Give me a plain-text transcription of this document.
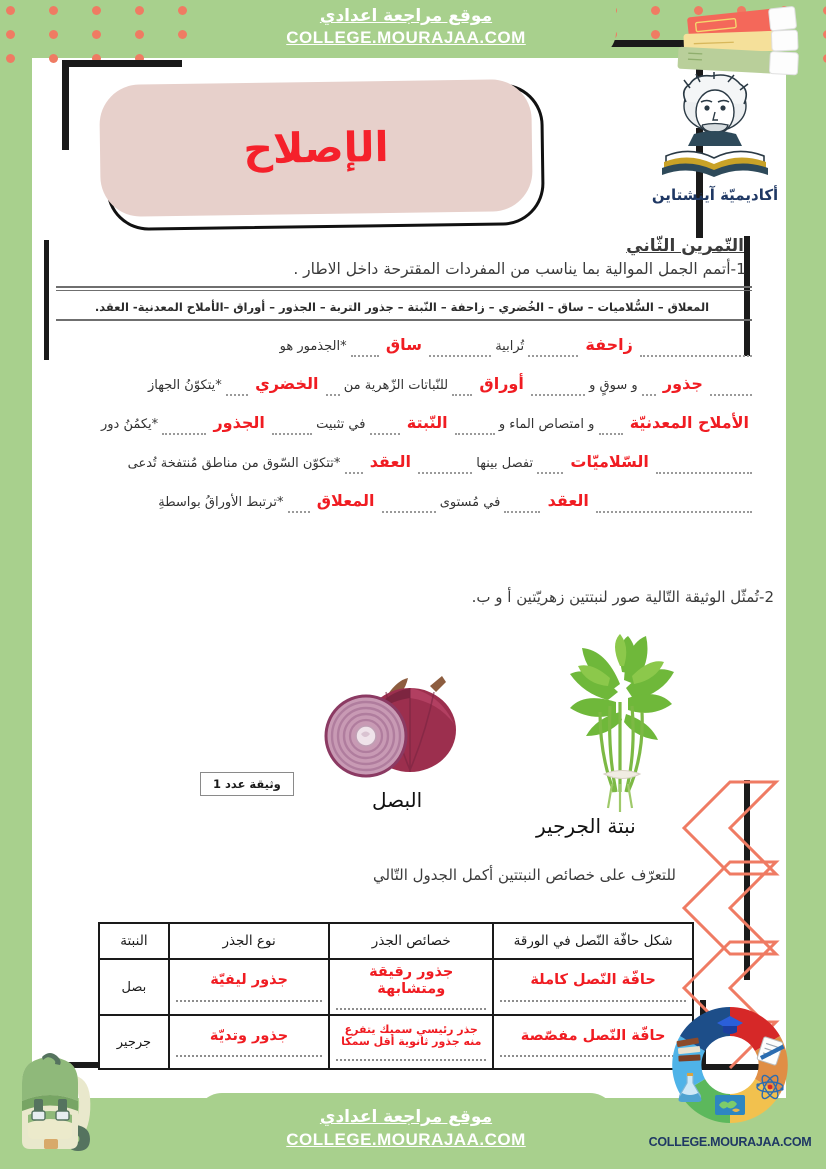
موقع مراجعة اعدادي
COLLEGE.MOURAJAA.COM
الإصلاح
أكاديميّة آينشتاين
التّمرين الثّاني
1-أتمم الجمل الموالية بما يناسب من المفردات المقترحة داخل الاطار .
المعلاق – السُّلاميات – ساق – الخُضري – زاحفة – النّبتة – جذور التربة – الجذور – أوراق –الأملاح المعدنية- العقد.
زاحفة  تُرابية  ساق  *الجذمور هو
جذور  و سوقٍ و  أوراق  للنّباتات الزّهرية من  الخضري  *يتكوّنُ الجهاز
الأملاح المعدنيّة  و امتصاص الماء و  النّبتة  في تثبيت  الجذور  *يكمُنُ دور
السّلاميّات  تفصل بينها  العقد  *تتكوّن السّوق من مناطق مُنتفخة تُدعى
العقد  في مُستوى  المعلاق  *ترتبط الأوراقُ بواسطةِ
2-تُمثّل الوثيقة التّالية صور لنبتتين زهريّتين أ و ب.
وثيقة عدد 1
البصل
نبتة الجرجير
للتعرّف على خصائص النبتتين أكمل الجدول التّالي
شكل حافّة النّصل في الورقة	خصائص الجذر	نوع الجذر	النبتة

حافّة النّصل كاملة	جذور رقيقة ومتشابهة	جذور ليفيّة	بصل

حافّة النّصل مفصّصة	جذر رئيسي سميك يتفرع منه جذور ثانوية أقل سمكا	جذور وتديّة	جرجير
COLLEGE.MOURAJAA.COM
موقع مراجعة اعدادي
COLLEGE.MOURAJAA.COM
